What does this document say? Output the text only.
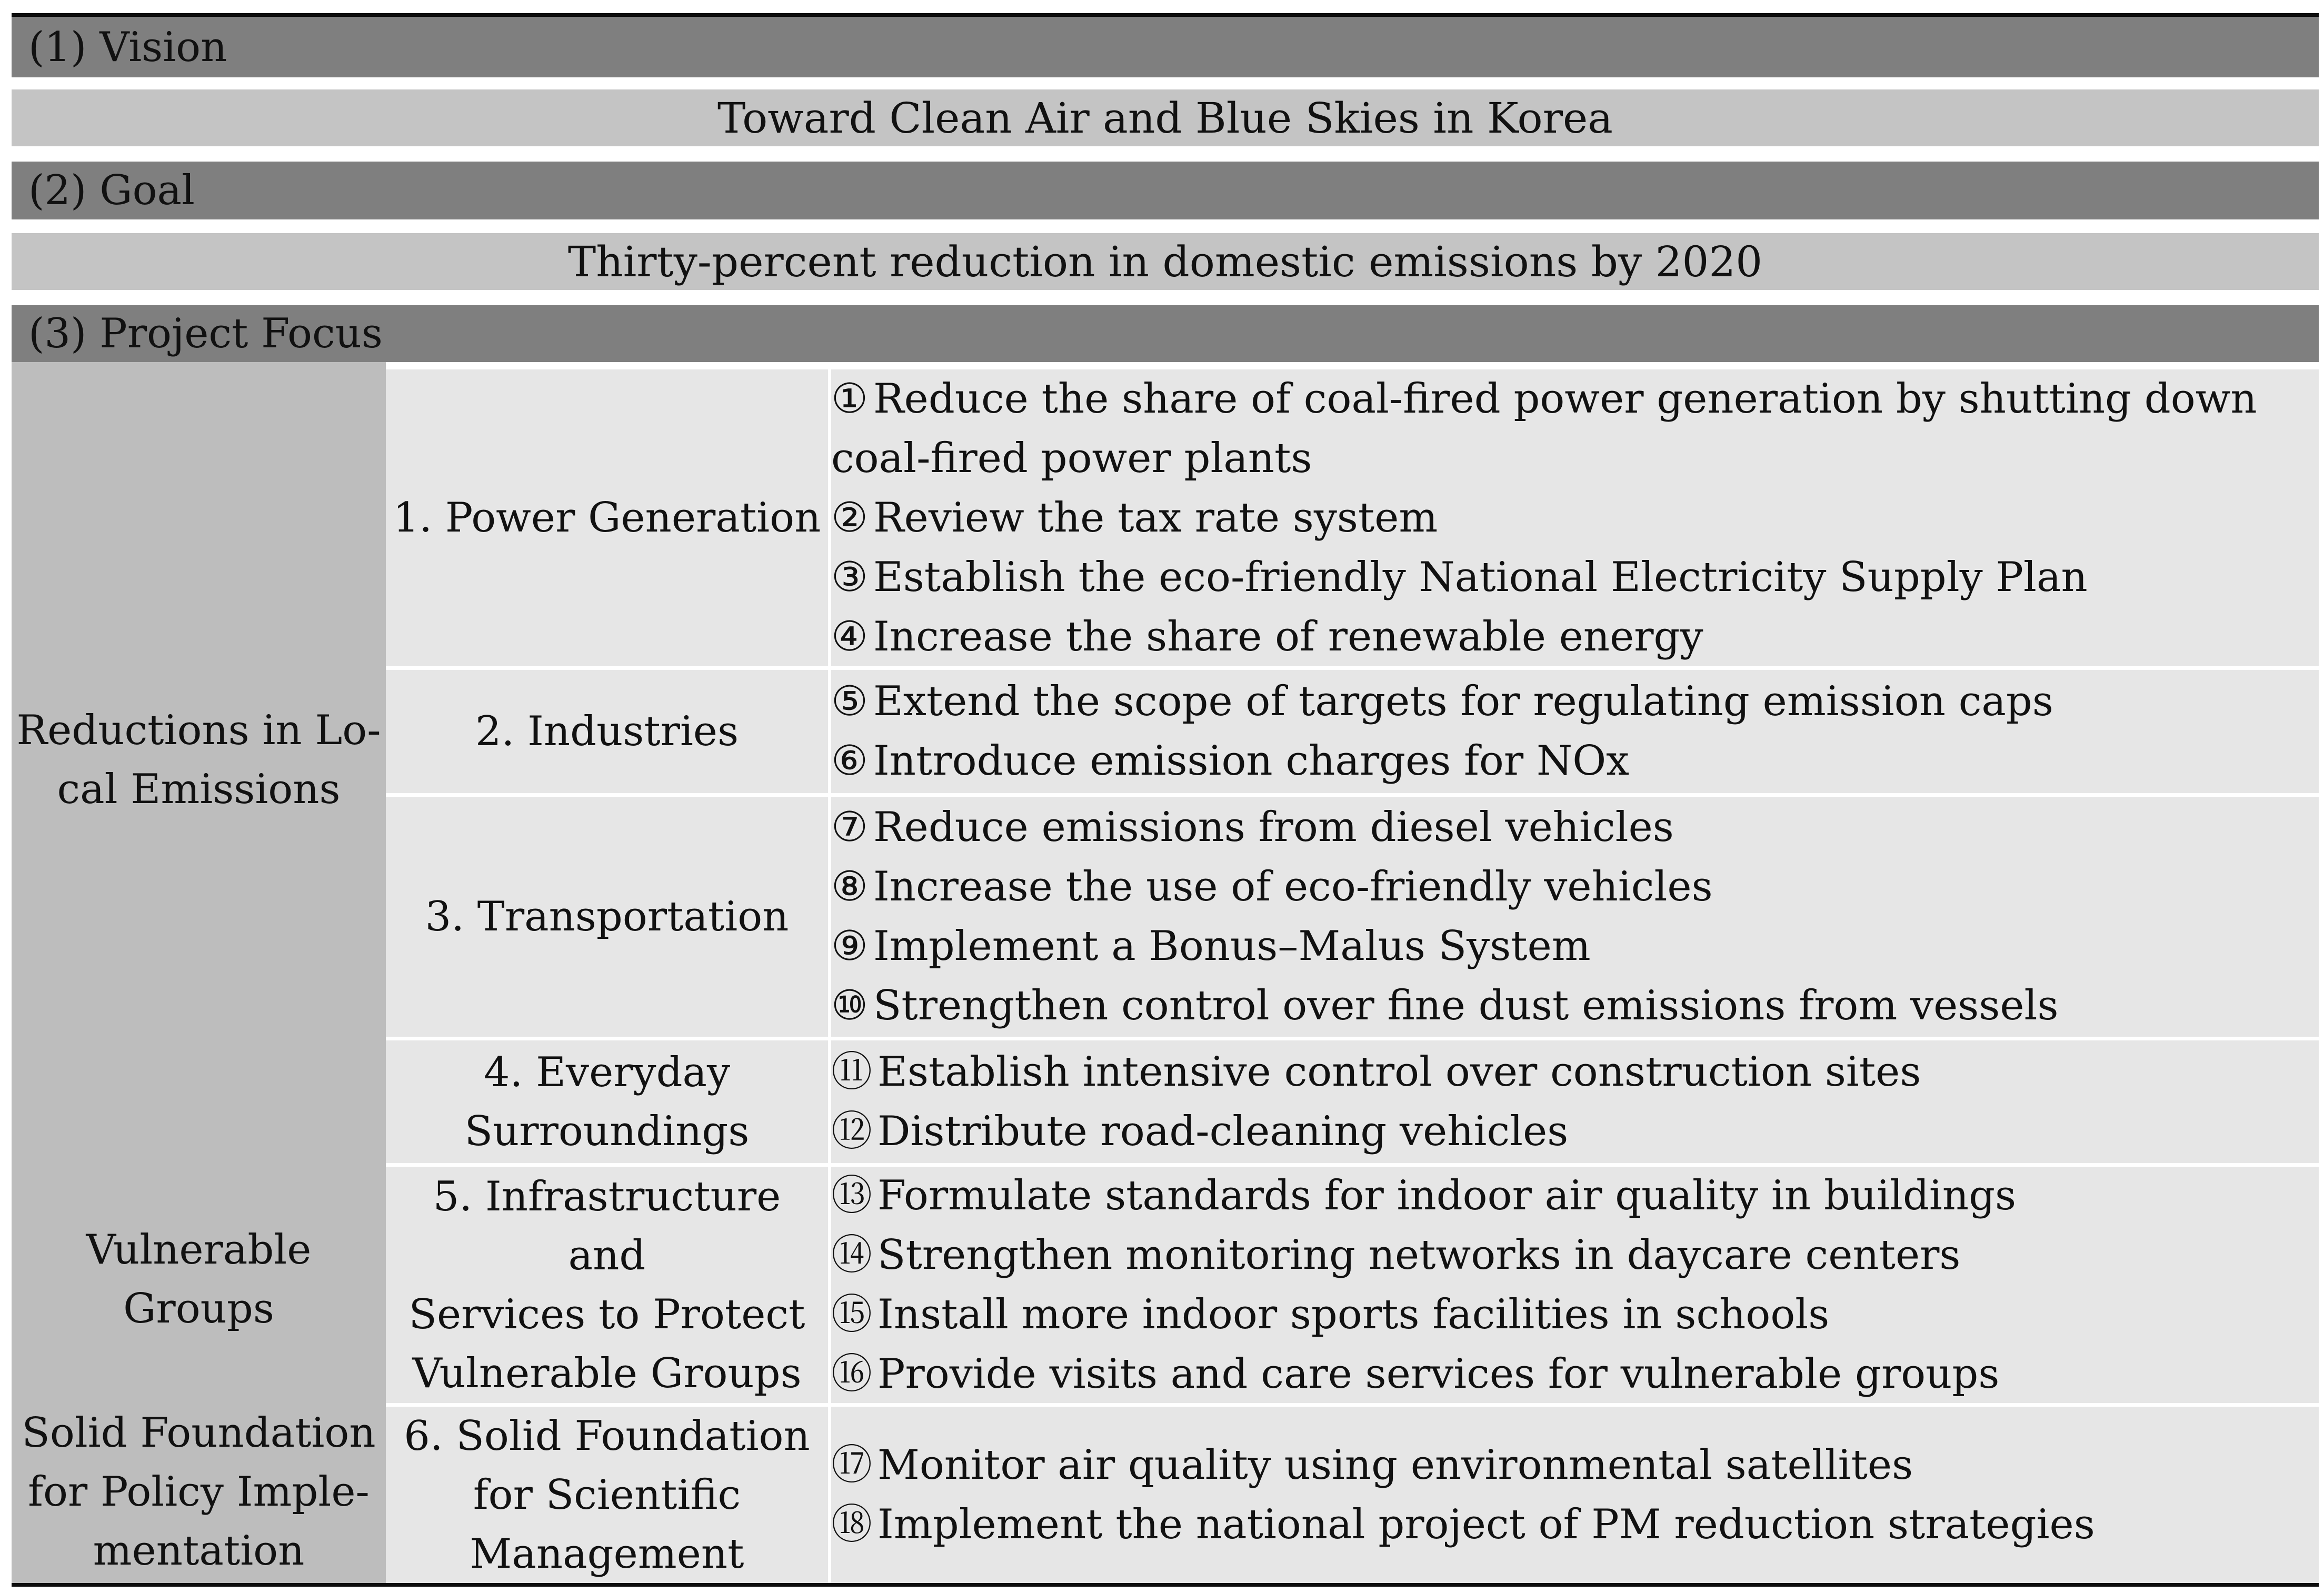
(1) Vision
Toward Clean Air and Blue Skies in Korea
(2) Goal
Thirty-percent reduction in domestic emissions by 2020
(3) Project Focus
Reductions in Lo-
cal Emissions
Vulnerable Groups
Solid Foundation
for Policy Imple-
mentation
1. Power Generation
2. Industries
3. Transportation
4. Everyday
Surroundings
5. Infrastructure and
Services to Protect
Vulnerable Groups
6. Solid Foundation
for Scientific
Management
① Reduce the share of coal-fired power generation by shutting down coal-fired power plants
② Review the tax rate system
③ Establish the eco-friendly National Electricity Supply Plan
④ Increase the share of renewable energy
⑤ Extend the scope of targets for regulating emission caps
⑥ Introduce emission charges for NOx
⑦ Reduce emissions from diesel vehicles
⑧ Increase the use of eco-friendly vehicles
⑨ Implement a Bonus–Malus System
⑩ Strengthen control over fine dust emissions from vessels
⑪ Establish intensive control over construction sites
⑫ Distribute road-cleaning vehicles
⑬ Formulate standards for indoor air quality in buildings
⑭ Strengthen monitoring networks in daycare centers
⑮ Install more indoor sports facilities in schools
⑯ Provide visits and care services for vulnerable groups
⑰ Monitor air quality using environmental satellites
⑱ Implement the national project of PM reduction strategies
